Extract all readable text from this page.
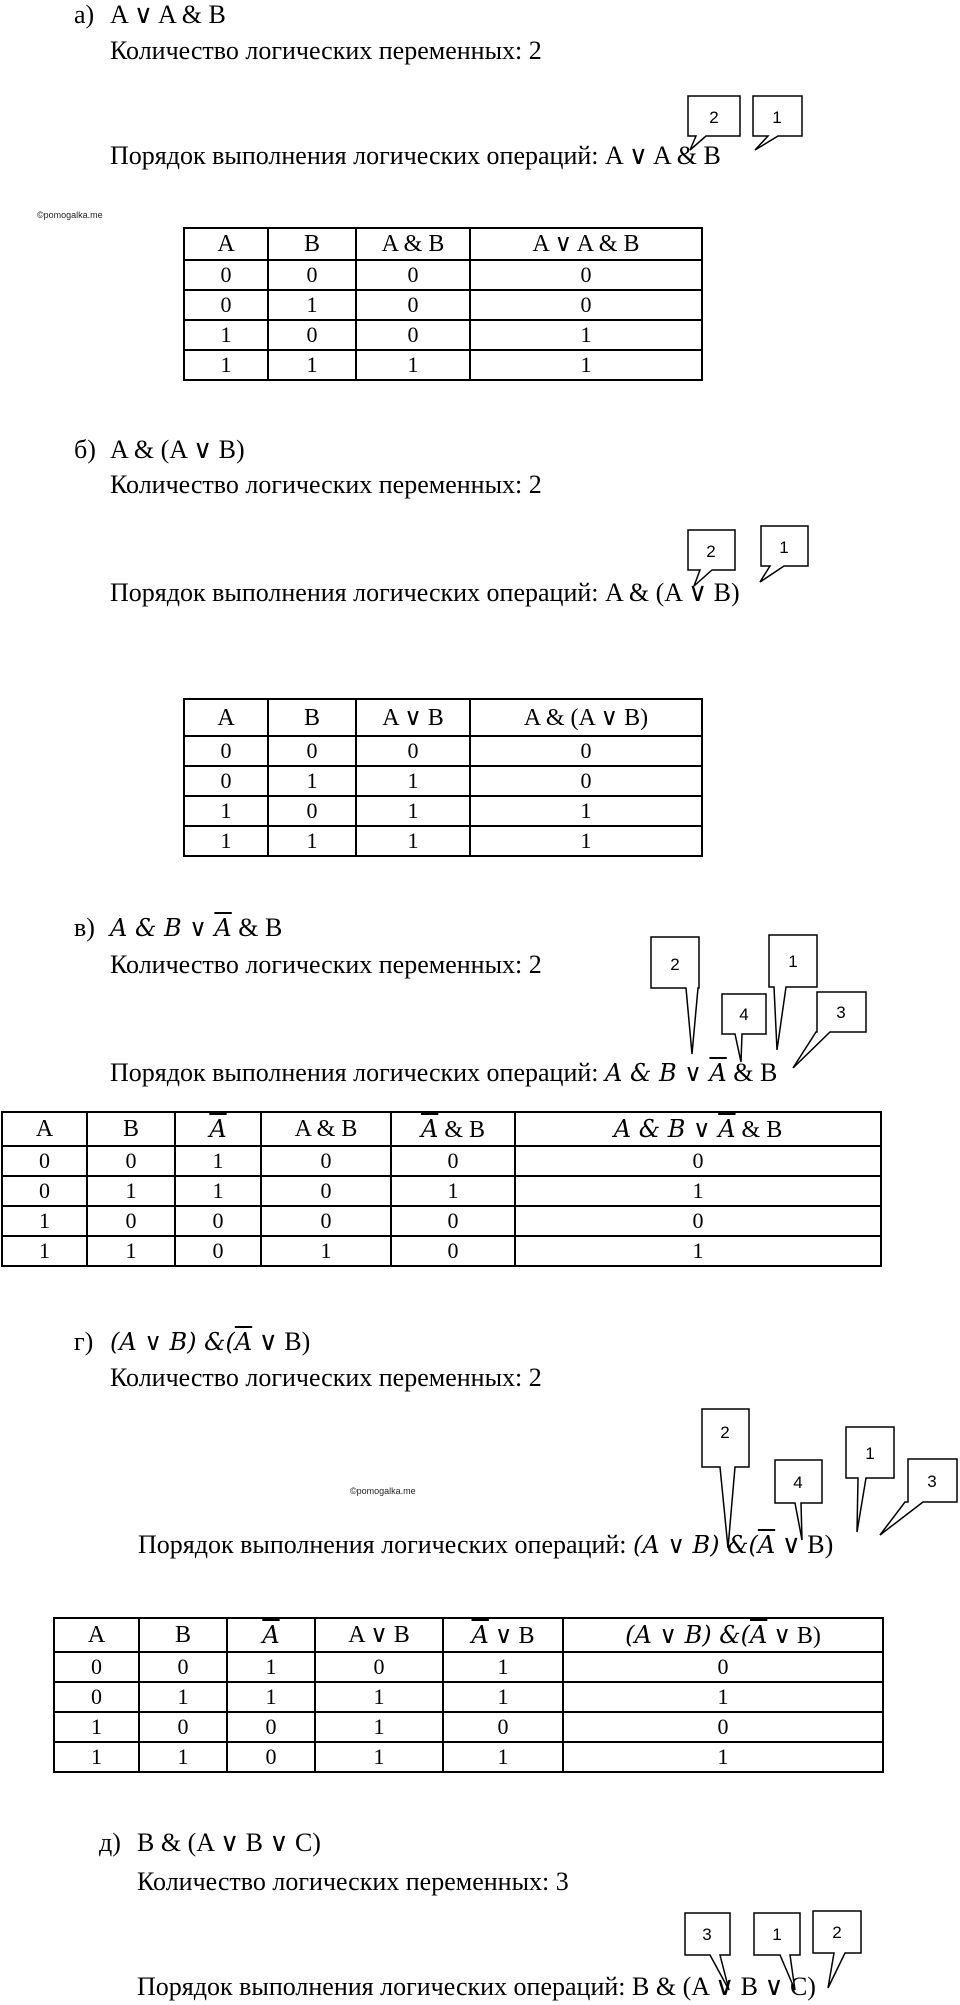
©pomogalka.me
©pomogalka.me
а) A ∨ A & B
Количество логических переменных: 2
Порядок выполнения логических операций: A ∨ A & B
A	B	A & B	A ∨ A & B
0	0	0	0
0	1	0	0
1	0	0	1
1	1	1	1
б) A & (A ∨ B)
Количество логических переменных: 2
Порядок выполнения логических операций: A & (A ∨ B)
A	B	A ∨ B	A & (A ∨ B)
0	0	0	0
0	1	1	0
1	0	1	1
1	1	1	1
в) A & B ∨ $\overline{A}$ & B
Количество логических переменных: 2
Порядок выполнения логических операций: A & B ∨ $\overline{A}$ & B
A	B	$\overline{A}$	A & B	$\overline{A}$ & B	A & B ∨ $\overline{A}$ & B
0	0	1	0	0	0
0	1	1	0	1	1
1	0	0	0	0	0
1	1	0	1	0	1
г) (A ∨ B) $\&(\overline{A}$ ∨ B)
Количество логических переменных: 2
Порядок выполнения логических операций: (A ∨ B) $\&(\overline{A}$ ∨ B)
A	B	$\overline{A}$	A ∨ B	$\overline{A}$ ∨ B	(A ∨ B) $\&(\overline{A}$ ∨ B)
0	0	1	0	1	0
0	1	1	1	1	1
1	0	0	1	0	0
1	1	0	1	1	1
д) B & (A ∨ B ∨ C)
Количество логических переменных: 3
Порядок выполнения логических операций: B & (A ∨ B ∨ C)
2	1
2	1
2	1
4	3
2
1
4	3
3	1	2
